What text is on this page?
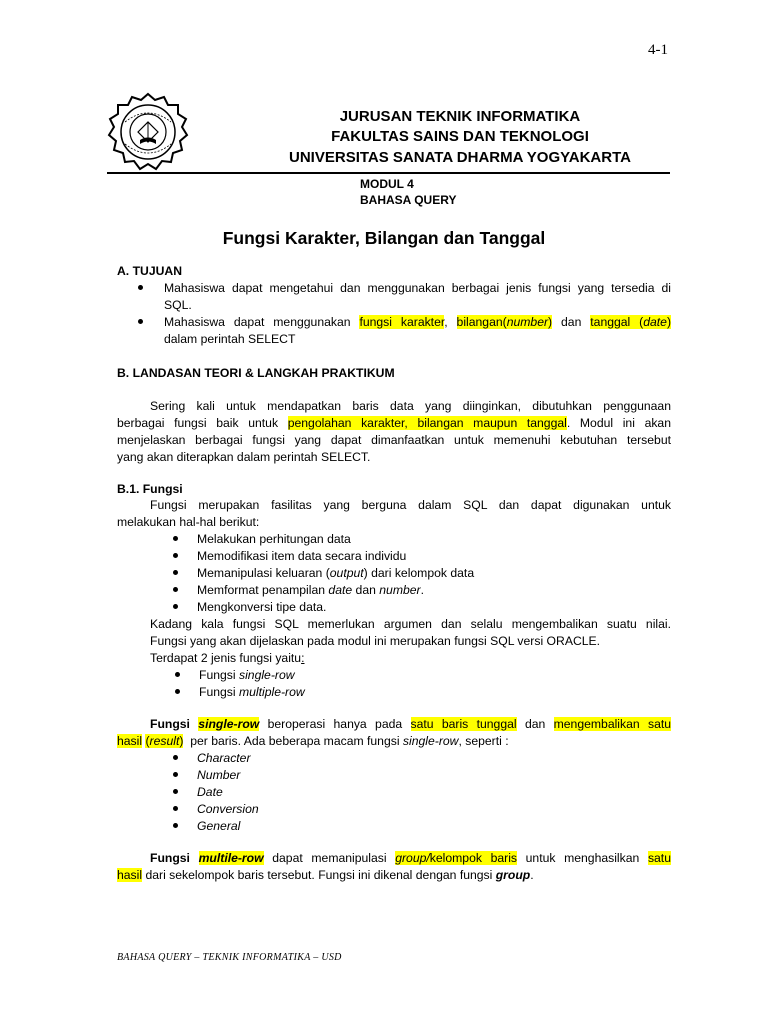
4-1
JURUSAN TEKNIK INFORMATIKA
FAKULTAS SAINS DAN TEKNOLOGI
UNIVERSITAS SANATA DHARMA YOGYAKARTA
MODUL 4
BAHASA QUERY
Fungsi Karakter, Bilangan dan Tanggal
A. TUJUAN
Mahasiswa dapat mengetahui dan menggunakan berbagai jenis fungsi yang tersedia di
SQL.
Mahasiswa dapat menggunakan fungsi karakter, bilangan(number) dan tanggal (date)
dalam perintah SELECT
B. LANDASAN TEORI & LANGKAH PRAKTIKUM
Sering kali untuk mendapatkan baris data yang diinginkan, dibutuhkan penggunaan
berbagai fungsi baik untuk pengolahan karakter, bilangan maupun tanggal. Modul ini akan
menjelaskan berbagai fungsi yang dapat dimanfaatkan untuk memenuhi kebutuhan tersebut
yang akan diterapkan dalam perintah SELECT.
B.1. Fungsi
Fungsi merupakan fasilitas yang berguna dalam SQL dan dapat digunakan untuk
melakukan hal-hal berikut:
Melakukan perhitungan data
Memodifikasi item data secara individu
Memanipulasi keluaran (output) dari kelompok data
Memformat penampilan date dan number.
Mengkonversi tipe data.
Kadang kala fungsi SQL memerlukan argumen dan selalu mengembalikan suatu nilai.
Fungsi yang akan dijelaskan pada modul ini merupakan fungsi SQL versi ORACLE.
Terdapat 2 jenis fungsi yaitu:
Fungsi single-row
Fungsi multiple-row
Fungsi single-row beroperasi hanya pada satu baris tunggal dan mengembalikan satu
hasil (result) per baris. Ada beberapa macam fungsi single-row, seperti :
Character
Number
Date
Conversion
General
Fungsi multile-row dapat memanipulasi group/kelompok baris untuk menghasilkan satu
hasil dari sekelompok baris tersebut. Fungsi ini dikenal dengan fungsi group.
BAHASA QUERY – TEKNIK INFORMATIKA – USD
